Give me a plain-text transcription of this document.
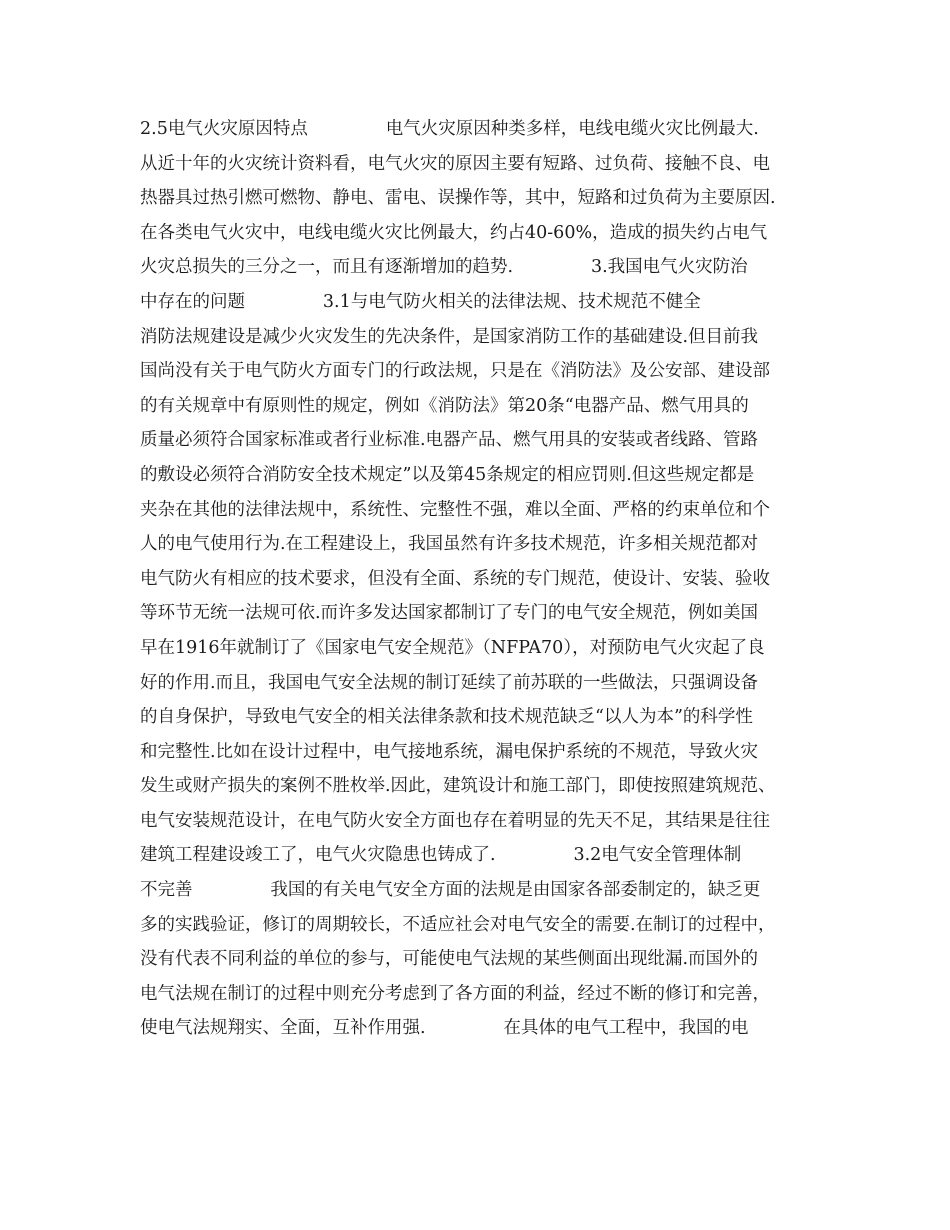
2.5电气火灾原因特点              电气火灾原因种类多样，电线电缆火灾比例最大.
从近十年的火灾统计资料看，电气火灾的原因主要有短路、过负荷、接触不良、电
热器具过热引燃可燃物、静电、雷电、误操作等，其中，短路和过负荷为主要原因.
在各类电气火灾中，电线电缆火灾比例最大，约占40-60%，造成的损失约占电气
火灾总损失的三分之一，而且有逐渐增加的趋势.              3.我国电气火灾防治
中存在的问题              3.1与电气防火相关的法律法规、技术规范不健全
消防法规建设是减少火灾发生的先决条件，是国家消防工作的基础建设.但目前我
国尚没有关于电气防火方面专门的行政法规，只是在《消防法》及公安部、建设部
的有关规章中有原则性的规定，例如《消防法》第20条“电器产品、燃气用具的
质量必须符合国家标准或者行业标准.电器产品、燃气用具的安装或者线路、管路
的敷设必须符合消防安全技术规定”以及第45条规定的相应罚则.但这些规定都是
夹杂在其他的法律法规中，系统性、完整性不强，难以全面、严格的约束单位和个
人的电气使用行为.在工程建设上，我国虽然有许多技术规范，许多相关规范都对
电气防火有相应的技术要求，但没有全面、系统的专门规范，使设计、安装、验收
等环节无统一法规可依.而许多发达国家都制订了专门的电气安全规范，例如美国
早在1916年就制订了《国家电气安全规范》（NFPA70），对预防电气火灾起了良
好的作用.而且，我国电气安全法规的制订延续了前苏联的一些做法，只强调设备
的自身保护，导致电气安全的相关法律条款和技术规范缺乏“以人为本”的科学性
和完整性.比如在设计过程中，电气接地系统，漏电保护系统的不规范，导致火灾
发生或财产损失的案例不胜枚举.因此，建筑设计和施工部门，即使按照建筑规范、
电气安装规范设计，在电气防火安全方面也存在着明显的先天不足，其结果是往往
建筑工程建设竣工了，电气火灾隐患也铸成了.              3.2电气安全管理体制
不完善              我国的有关电气安全方面的法规是由国家各部委制定的，缺乏更
多的实践验证，修订的周期较长，不适应社会对电气安全的需要.在制订的过程中，
没有代表不同利益的单位的参与，可能使电气法规的某些侧面出现纰漏.而国外的
电气法规在制订的过程中则充分考虑到了各方面的利益，经过不断的修订和完善，
使电气法规翔实、全面，互补作用强.              在具体的电气工程中，我国的电
